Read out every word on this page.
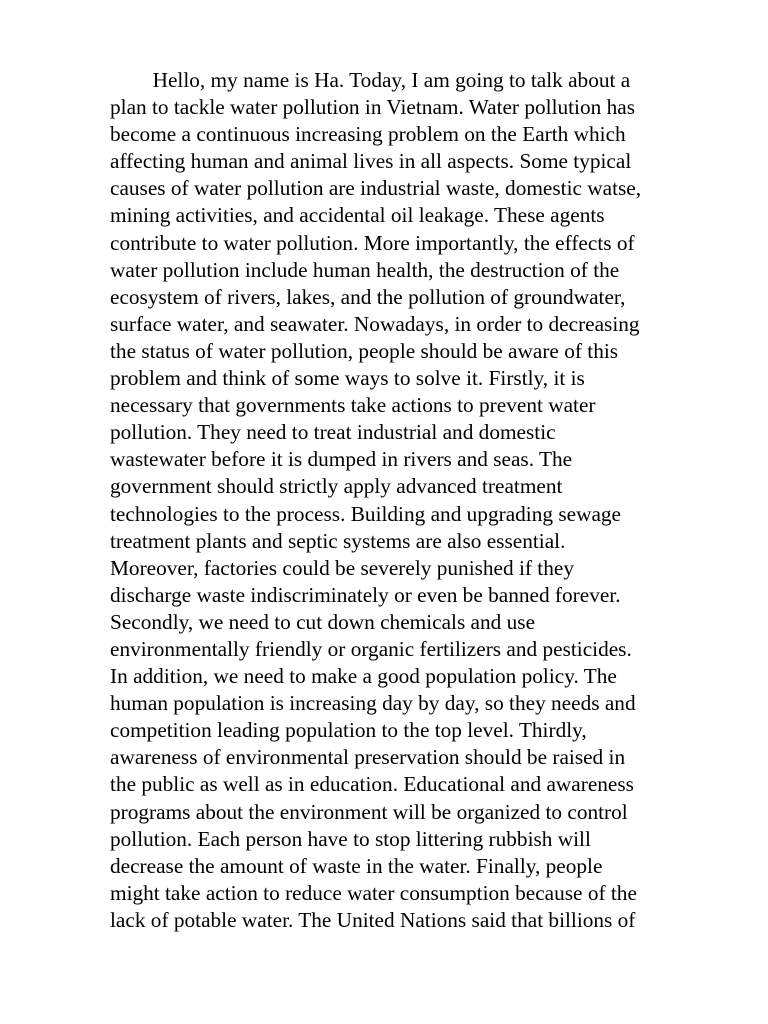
Hello, my name is Ha. Today, I am going to talk about a
plan to tackle water pollution in Vietnam. Water pollution has
become a continuous increasing problem on the Earth which
affecting human and animal lives in all aspects. Some typical
causes of water pollution are industrial waste, domestic watse,
mining activities, and accidental oil leakage. These agents
contribute to water pollution. More importantly, the effects of
water pollution include human health, the destruction of the
ecosystem of rivers, lakes, and the pollution of groundwater,
surface water, and seawater. Nowadays, in order to decreasing
the status of water pollution, people should be aware of this
problem and think of some ways to solve it. Firstly, it is
necessary that governments take actions to prevent water
pollution. They need to treat industrial and domestic
wastewater before it is dumped in rivers and seas. The
government should strictly apply advanced treatment
technologies to the process. Building and upgrading sewage
treatment plants and septic systems are also essential.
Moreover, factories could be severely punished if they
discharge waste indiscriminately or even be banned forever.
Secondly, we need to cut down chemicals and use
environmentally friendly or organic fertilizers and pesticides.
In addition, we need to make a good population policy. The
human population is increasing day by day, so they needs and
competition leading population to the top level. Thirdly,
awareness of environmental preservation should be raised in
the public as well as in education. Educational and awareness
programs about the environment will be organized to control
pollution. Each person have to stop littering rubbish will
decrease the amount of waste in the water. Finally, people
might take action to reduce water consumption because of the
lack of potable water. The United Nations said that billions of
